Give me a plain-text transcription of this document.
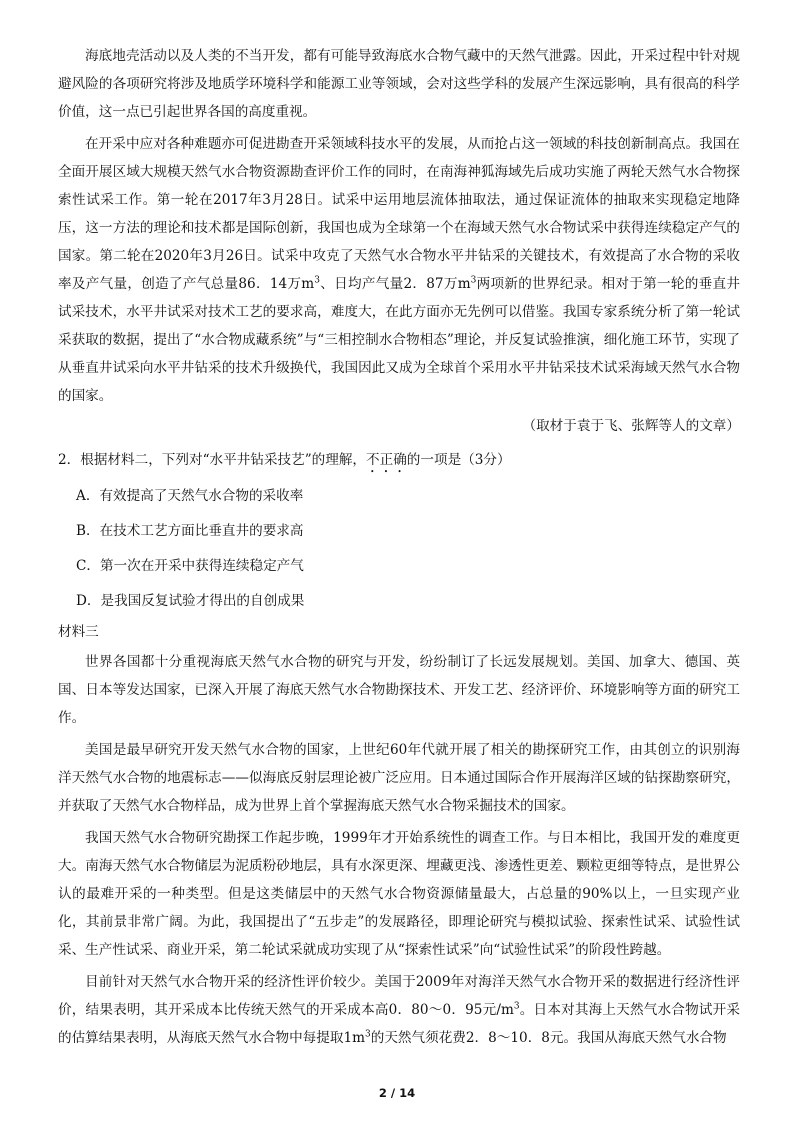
海底地壳活动以及人类的不当开发，都有可能导致海底水合物气藏中的天然气泄露。因此，开采过程中针对规避风险的各项研究将涉及地质学环境科学和能源工业等领域，会对这些学科的发展产生深远影响，具有很高的科学价值，这一点已引起世界各国的高度重视。

在开采中应对各种难题亦可促进勘查开采领域科技水平的发展，从而抢占这一领域的科技创新制高点。我国在全面开展区域大规模天然气水合物资源勘查评价工作的同时，在南海神狐海域先后成功实施了两轮天然气水合物探索性试采工作。第一轮在2017年3月28日。试采中运用地层流体抽取法，通过保证流体的抽取来实现稳定地降压，这一方法的理论和技术都是国际创新，我国也成为全球第一个在海域天然气水合物试采中获得连续稳定产气的国家。第二轮在2020年3月26日。试采中攻克了天然气水合物水平井钻采的关键技术，有效提高了水合物的采收率及产气量，创造了产气总量86．14万$m^3$、日均产气量2．87万$m^3$两项新的世界纪录。相对于第一轮的垂直井试采技术，水平井试采对技术工艺的要求高，难度大，在此方面亦无先例可以借鉴。我国专家系统分析了第一轮试采获取的数据，提出了“水合物成藏系统”与“三相控制水合物相态”理论，并反复试验推演，细化施工环节，实现了从垂直井试采向水平井钻采的技术升级换代，我国因此又成为全球首个采用水平井钻采技术试采海域天然气水合物的国家。

（取材于袁于飞、张辉等人的文章）
2．根据材料二，下列对“水平井钻采技艺”的理解，不正确的一项是（3分）
A．有效提高了天然气水合物的采收率
B．在技术工艺方面比垂直井的要求高
C．第一次在开采中获得连续稳定产气
D．是我国反复试验才得出的自创成果
材料三

世界各国都十分重视海底天然气水合物的研究与开发，纷纷制订了长远发展规划。美国、加拿大、德国、英国、日本等发达国家，已深入开展了海底天然气水合物勘探技术、开发工艺、经济评价、环境影响等方面的研究工作。

美国是最早研究开发天然气水合物的国家，上世纪60年代就开展了相关的勘探研究工作，由其创立的识别海洋天然气水合物的地震标志——似海底反射层理论被广泛应用。日本通过国际合作开展海洋区域的钻探勘察研究，并获取了天然气水合物样品，成为世界上首个掌握海底天然气水合物采掘技术的国家。

我国天然气水合物研究勘探工作起步晚，1999年才开始系统性的调查工作。与日本相比，我国开发的难度更大。南海天然气水合物储层为泥质粉砂地层，具有水深更深、埋藏更浅、渗透性更差、颗粒更细等特点，是世界公认的最难开采的一种类型。但是这类储层中的天然气水合物资源储量最大，占总量的90%以上，一旦实现产业化，其前景非常广阔。为此，我国提出了“五步走”的发展路径，即理论研究与模拟试验、探索性试采、试验性试采、生产性试采、商业开采，第二轮试采就成功实现了从“探索性试采”向“试验性试采”的阶段性跨越。

目前针对天然气水合物开采的经济性评价较少。美国于2009年对海洋天然气水合物开采的数据进行经济性评价，结果表明，其开采成本比传统天然气的开采成本高0．80～0．95元$/m^3$。日本对其海上天然气水合物试开采的估算结果表明，从海底天然气水合物中每提取$1m^3$的天然气须花费2．8～10．8元。我国从海底天然气水合物

2 / 14
